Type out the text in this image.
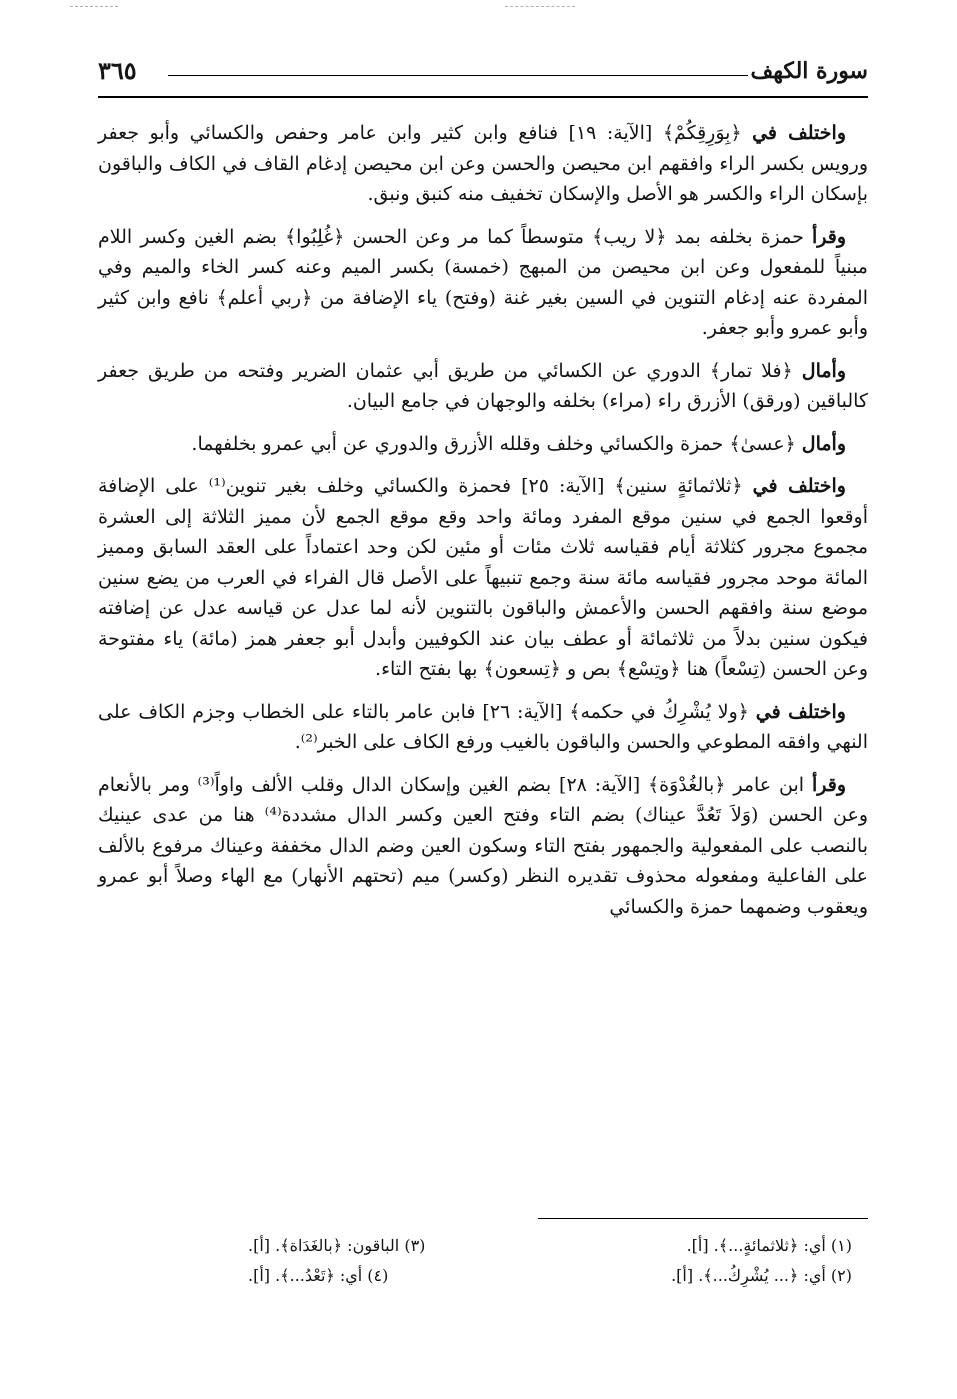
سورة الكهف
٣٦٥

واختلف في ﴿بِوَرِقِكُمْ﴾ [الآية: ١٩] فنافع وابن كثير وابن عامر وحفص والكسائي وأبو جعفر ورويس بكسر الراء وافقهم ابن محيصن والحسن وعن ابن محيصن إدغام القاف في الكاف والباقون بإسكان الراء والكسر هو الأصل والإسكان تخفيف منه كنبق ونبق.

وقرأ حمزة بخلفه بمد ﴿لا ريب﴾ متوسطاً كما مر وعن الحسن ﴿غُلِبُوا﴾ بضم الغين وكسر اللام مبنياً للمفعول وعن ابن محيصن من المبهج (خمسة) بكسر الميم وعنه كسر الخاء والميم وفي المفردة عنه إدغام التنوين في السين بغير غنة (وفتح) ياء الإضافة من ﴿ربي أعلم﴾ نافع وابن كثير وأبو عمرو وأبو جعفر.

وأمال ﴿فلا تمار﴾ الدوري عن الكسائي من طريق أبي عثمان الضرير وفتحه من طريق جعفر كالباقين (ورقق) الأزرق راء (مراء) بخلفه والوجهان في جامع البيان.

وأمال ﴿عسىٰ﴾ حمزة والكسائي وخلف وقلله الأزرق والدوري عن أبي عمرو بخلفهما.

واختلف في ﴿ثلاثمائةٍ سنين﴾ [الآية: ٢٥] فحمزة والكسائي وخلف بغير تنوين⁽¹⁾ على الإضافة أوقعوا الجمع في سنين موقع المفرد ومائة واحد وقع موقع الجمع لأن مميز الثلاثة إلى العشرة مجموع مجرور كثلاثة أيام فقياسه ثلاث مئات أو مئين لكن وحد اعتماداً على العقد السابق ومميز المائة موحد مجرور فقياسه مائة سنة وجمع تنبيهاً على الأصل قال الفراء في العرب من يضع سنين موضع سنة وافقهم الحسن والأعمش والباقون بالتنوين لأنه لما عدل عن قياسه عدل عن إضافته فيكون سنين بدلاً من ثلاثمائة أو عطف بيان عند الكوفيين وأبدل أبو جعفر همز (مائة) ياء مفتوحة وعن الحسن (تِسْعاً) هنا ﴿وتِسْع﴾ بص و ﴿تِسعون﴾ بها بفتح التاء.

واختلف في ﴿ولا يُشْرِكُ في حكمه﴾ [الآية: ٢٦] فابن عامر بالتاء على الخطاب وجزم الكاف على النهي وافقه المطوعي والحسن والباقون بالغيب ورفع الكاف على الخبر⁽²⁾.

وقرأ ابن عامر ﴿بالغُدْوَة﴾ [الآية: ٢٨] بضم الغين وإسكان الدال وقلب الألف واواً⁽³⁾ ومر بالأنعام وعن الحسن (وَلاَ تَعُدَّ عيناك) بضم التاء وفتح العين وكسر الدال مشددة⁽⁴⁾ هنا من عدى عينيك بالنصب على المفعولية والجمهور بفتح التاء وسكون العين وضم الدال مخففة وعيناك مرفوع بالألف على الفاعلية ومفعوله محذوف تقديره النظر (وكسر) ميم (تحتهم الأنهار) مع الهاء وصلاً أبو عمرو ويعقوب وضمهما حمزة والكسائي

(١) أي: ﴿ثلاثمائةٍ...﴾. [أ].
(٢) أي: ﴿... يُشْرِكُ...﴾. [أ].
(٣) الباقون: ﴿بالغَدَاة﴾. [أ].
(٤) أي: ﴿تَعْدُ...﴾. [أ].
